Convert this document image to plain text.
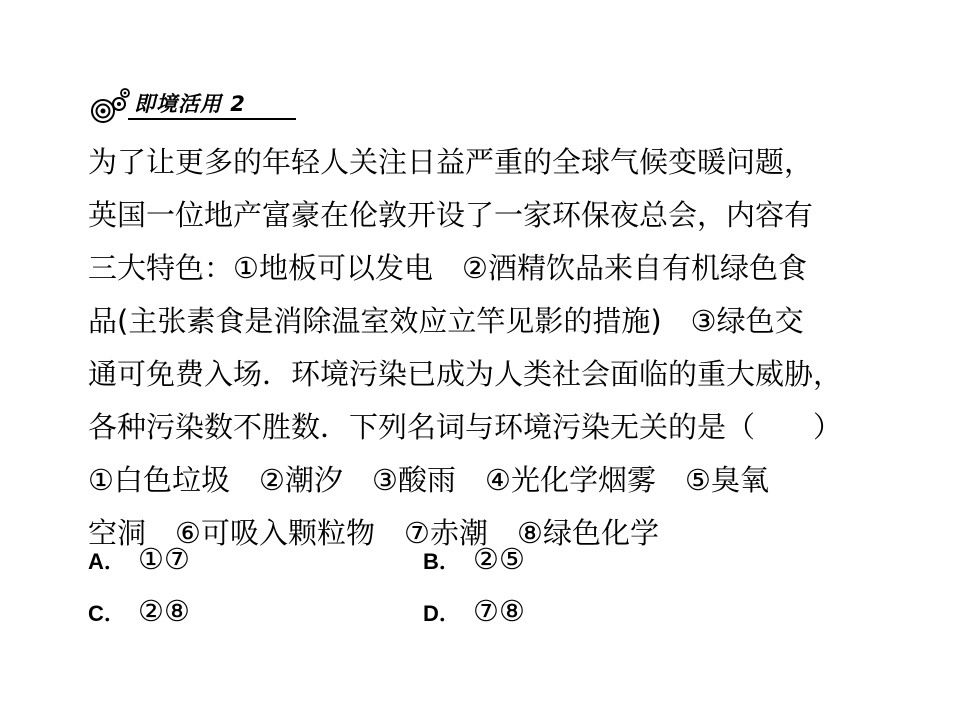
即境活用 2
为了让更多的年轻人关注日益严重的全球气候变暖问题，
英国一位地产富豪在伦敦开设了一家环保夜总会，内容有
三大特色：①地板可以发电　②酒精饮品来自有机绿色食
品(主张素食是消除温室效应立竿见影的措施)　③绿色交
通可免费入场．环境污染已成为人类社会面临的重大威胁，
各种污染数不胜数．下列名词与环境污染无关的是（　　）
①白色垃圾　②潮汐　③酸雨　④光化学烟雾　⑤臭氧
空洞　⑥可吸入颗粒物　⑦赤潮　⑧绿色化学
A． ①⑦	B． ②⑤
C． ②⑧	D． ⑦⑧
